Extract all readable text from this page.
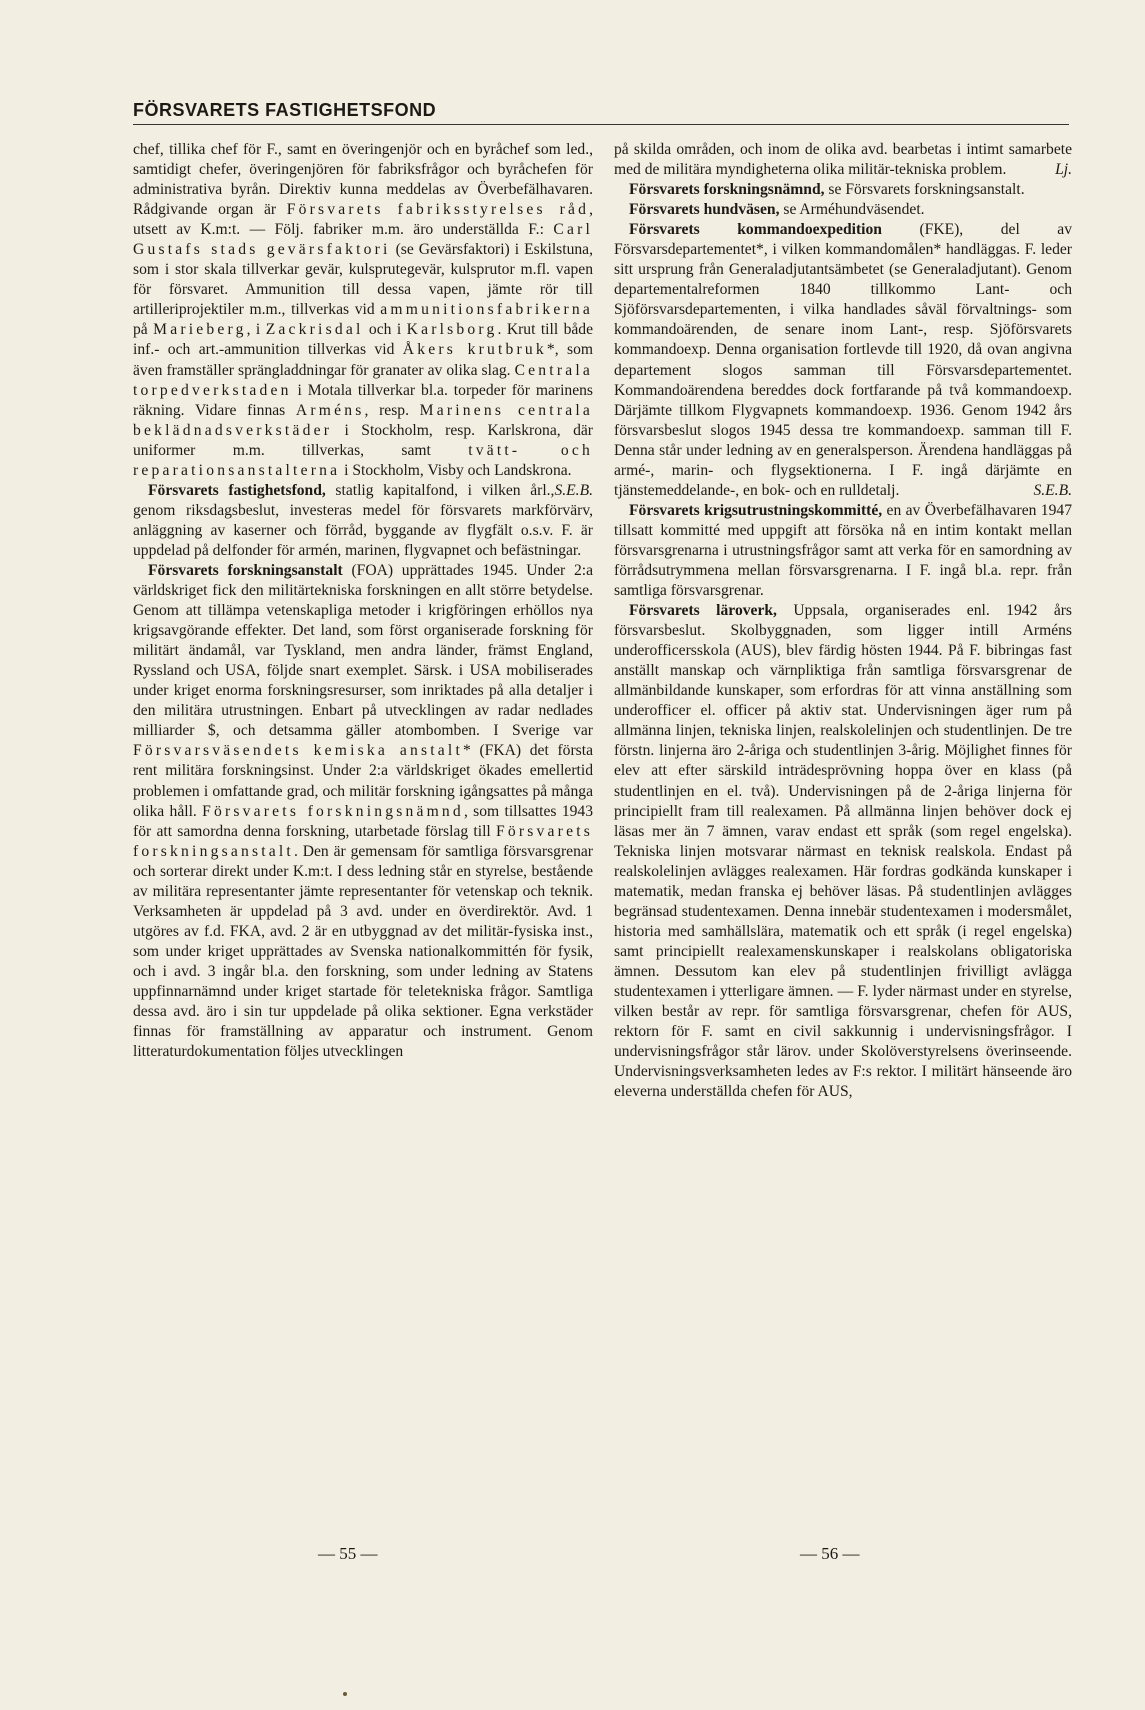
FÖRSVARETS FASTIGHETSFOND

chef, tillika chef för F., samt en överingenjör och en byråchef som led., samtidigt chefer, överingenjören för fabriksfrågor och byråchefen för administrativa byrån. Direktiv kunna meddelas av Överbefälhavaren. Rådgivande organ är Försvarets fabriksstyrelses råd, utsett av K.m:t. — Följ. fabriker m.m. äro underställda F.: Carl Gustafs stads gevärsfaktori (se Gevärsfaktori) i Eskilstuna, som i stor skala tillverkar gevär, kulsprutegevär, kulsprutor m.fl. vapen för försvaret. Ammunition till dessa vapen, jämte rör till artilleriprojektiler m.m., tillverkas vid ammunitionsfabrikerna på Marieberg, i Zackrisdal och i Karlsborg. Krut till både inf.- och art.-ammunition tillverkas vid Åkers krutbruk*, som även framställer sprängladdningar för granater av olika slag. Centrala torpedverkstaden i Motala tillverkar bl.a. torpeder för marinens räkning. Vidare finnas Arméns, resp. Marinens centrala beklädnadsverkstäder i Stockholm, resp. Karlskrona, där uniformer m.m. tillverkas, samt tvätt- och reparationsanstalterna i Stockholm, Visby och Landskrona.
S.E.B.

Försvarets fastighetsfond, statlig kapitalfond, i vilken årl., genom riksdagsbeslut, investeras medel för försvarets markförvärv, anläggning av kaserner och förråd, byggande av flygfält o.s.v. F. är uppdelad på delfonder för armén, marinen, flygvapnet och befästningar.

Försvarets forskningsanstalt (FOA) upprättades 1945. Under 2:a världskriget fick den militärtekniska forskningen en allt större betydelse. Genom att tillämpa vetenskapliga metoder i krigföringen erhöllos nya krigsavgörande effekter. Det land, som först organiserade forskning för militärt ändamål, var Tyskland, men andra länder, främst England, Ryssland och USA, följde snart exemplet. Särsk. i USA mobiliserades under kriget enorma forskningsresurser, som inriktades på alla detaljer i den militära utrustningen. Enbart på utvecklingen av radar nedlades milliarder $, och detsamma gäller atombomben. I Sverige var Försvarsväsendets kemiska anstalt* (FKA) det första rent militära forskningsinst. Under 2:a världskriget ökades emellertid problemen i omfattande grad, och militär forskning igångsattes på många olika håll. Försvarets forskningsnämnd, som tillsattes 1943 för att samordna denna forskning, utarbetade förslag till Försvarets forskningsanstalt. Den är gemensam för samtliga försvarsgrenar och sorterar direkt under K.m:t. I dess ledning står en styrelse, bestående av militära representanter jämte representanter för vetenskap och teknik. Verksamheten är uppdelad på 3 avd. under en överdirektör. Avd. 1 utgöres av f.d. FKA, avd. 2 är en utbyggnad av det militär-fysiska inst., som under kriget upprättades av Svenska nationalkommittén för fysik, och i avd. 3 ingår bl.a. den forskning, som under ledning av Statens uppfinnarnämnd under kriget startade för teletekniska frågor. Samtliga dessa avd. äro i sin tur uppdelade på olika sektioner. Egna verkstäder finnas för framställning av apparatur och instrument. Genom litteraturdokumentation följes utvecklingen

på skilda områden, och inom de olika avd. bearbetas i intimt samarbete med de militära myndigheterna olika militär-tekniska problem.	Lj.

Försvarets forskningsnämnd, se Försvarets forskningsanstalt.

Försvarets hundväsen, se Arméhundväsendet.

Försvarets kommandoexpedition (FKE), del av Försvarsdepartementet*, i vilken kommandomålen* handläggas. F. leder sitt ursprung från Generaladjutantsämbetet (se Generaladjutant). Genom departementalreformen 1840 tillkommo Lant- och Sjöförsvarsdepartementen, i vilka handlades såväl förvaltnings- som kommandoärenden, de senare inom Lant-, resp. Sjöförsvarets kommandoexp. Denna organisation fortlevde till 1920, då ovan angivna departement slogos samman till Försvarsdepartementet. Kommandoärendena bereddes dock fortfarande på två kommandoexp. Därjämte tillkom Flygvapnets kommandoexp. 1936. Genom 1942 års försvarsbeslut slogos 1945 dessa tre kommandoexp. samman till F. Denna står under ledning av en generalsperson. Ärendena handläggas på armé-, marin- och flygsektionerna. I F. ingå därjämte en tjänstemeddelande-, en bok- och en rulldetalj.	S.E.B.

Försvarets krigsutrustningskommitté, en av Överbefälhavaren 1947 tillsatt kommitté med uppgift att försöka nå en intim kontakt mellan försvarsgrenarna i utrustningsfrågor samt att verka för en samordning av förrådsutrymmena mellan försvarsgrenarna. I F. ingå bl.a. repr. från samtliga försvarsgrenar.

Försvarets läroverk, Uppsala, organiserades enl. 1942 års försvarsbeslut. Skolbyggnaden, som ligger intill Arméns underofficersskola (AUS), blev färdig hösten 1944. På F. bibringas fast anställt manskap och värnpliktiga från samtliga försvarsgrenar de allmänbildande kunskaper, som erfordras för att vinna anställning som underofficer el. officer på aktiv stat. Undervisningen äger rum på allmänna linjen, tekniska linjen, realskolelinjen och studentlinjen. De tre förstn. linjerna äro 2-åriga och studentlinjen 3-årig. Möjlighet finnes för elev att efter särskild inträdesprövning hoppa över en klass (på studentlinjen en el. två). Undervisningen på de 2-åriga linjerna för principiellt fram till realexamen. På allmänna linjen behöver dock ej läsas mer än 7 ämnen, varav endast ett språk (som regel engelska). Tekniska linjen motsvarar närmast en teknisk realskola. Endast på realskolelinjen avlägges realexamen. Här fordras godkända kunskaper i matematik, medan franska ej behöver läsas. På studentlinjen avlägges begränsad studentexamen. Denna innebär studentexamen i modersmålet, historia med samhällslära, matematik och ett språk (i regel engelska) samt principiellt realexamenskunskaper i realskolans obligatoriska ämnen. Dessutom kan elev på studentlinjen frivilligt avlägga studentexamen i ytterligare ämnen. — F. lyder närmast under en styrelse, vilken består av repr. för samtliga försvarsgrenar, chefen för AUS, rektorn för F. samt en civil sakkunnig i undervisningsfrågor. I undervisningsfrågor står lärov. under Skolöverstyrelsens överinseende. Undervisningsverksamheten ledes av F:s rektor. I militärt hänseende äro eleverna underställda chefen för AUS,

— 55 —	— 56 —
